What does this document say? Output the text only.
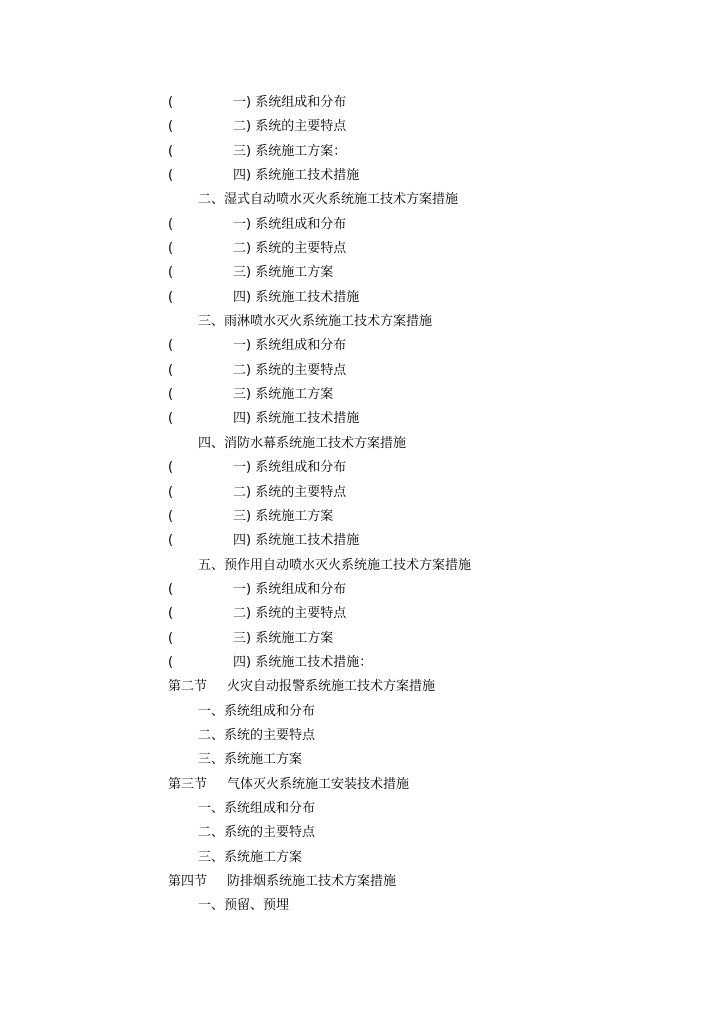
(	一) 系统组成和分布
(	二) 系统的主要特点
(	三) 系统施工方案：
(	四) 系统施工技术措施
二、湿式自动喷水灭火系统施工技术方案措施
(	一) 系统组成和分布
(	二) 系统的主要特点
(	三) 系统施工方案
(	四) 系统施工技术措施
三、雨淋喷水灭火系统施工技术方案措施
(	一) 系统组成和分布
(	二) 系统的主要特点
(	三) 系统施工方案
(	四) 系统施工技术措施
四、消防水幕系统施工技术方案措施
(	一) 系统组成和分布
(	二) 系统的主要特点
(	三) 系统施工方案
(	四) 系统施工技术措施
五、预作用自动喷水灭火系统施工技术方案措施
(	一) 系统组成和分布
(	二) 系统的主要特点
(	三) 系统施工方案
(	四) 系统施工技术措施：
第二节 火灾自动报警系统施工技术方案措施
一、系统组成和分布
二、系统的主要特点
三、系统施工方案
第三节 气体灭火系统施工安装技术措施
一、系统组成和分布
二、系统的主要特点
三、系统施工方案
第四节 防排烟系统施工技术方案措施
一、预留、预埋
